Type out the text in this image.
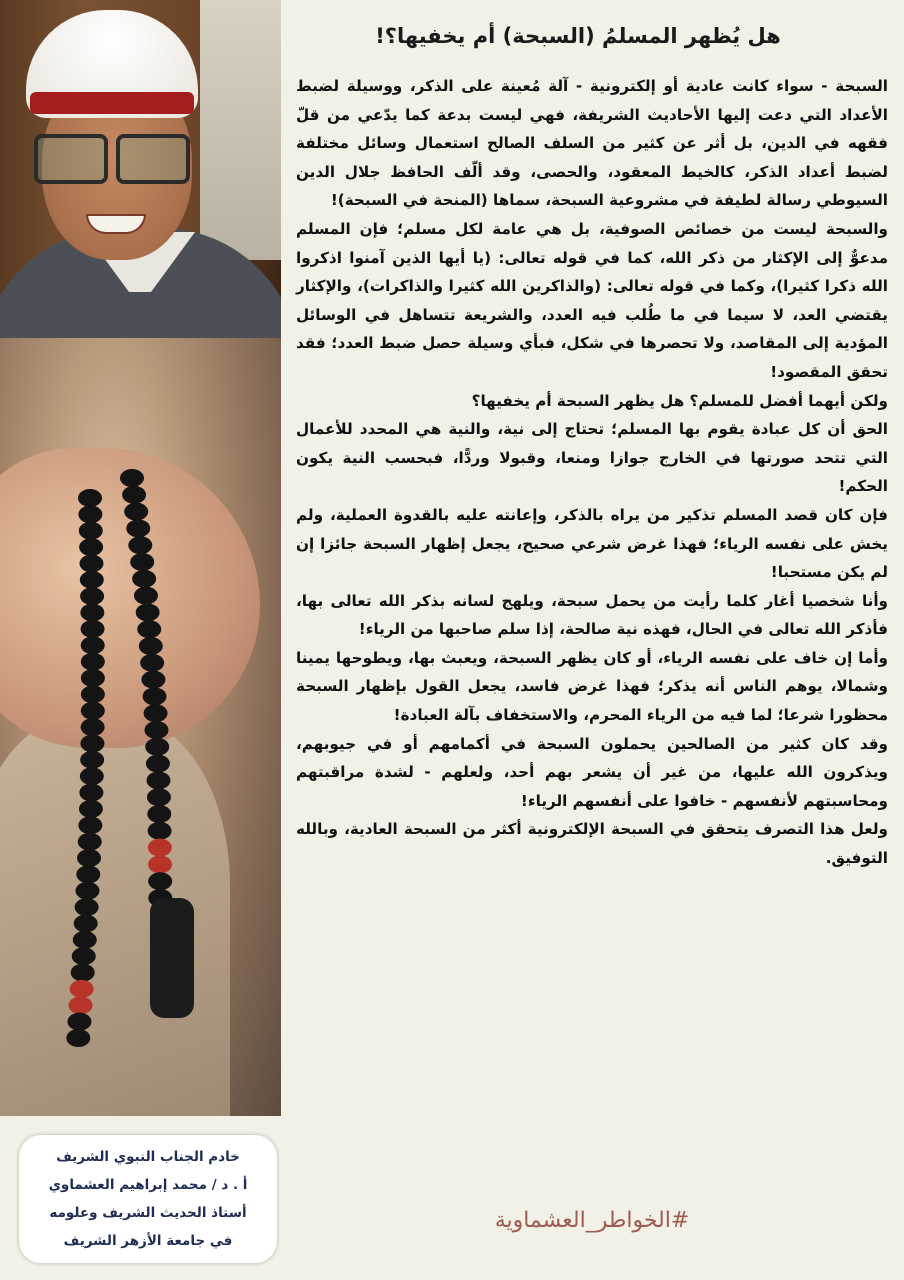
خادم الجناب النبوي الشريف
أ . د / محمد إبراهيم العشماوي
أستاذ الحديث الشريف وعلومه
في جامعة الأزهر الشريف
هل يُظهر المسلمُ (السبحة) أم يخفيها؟!

السبحة - سواء كانت عادية أو إلكترونية - آلة مُعينة على الذكر، ووسيلة لضبط الأعداد التي دعت إليها الأحاديث الشريفة، فهي ليست بدعة كما يدّعي من قلّ فقهه في الدين، بل أثر عن كثير من السلف الصالح استعمال وسائل مختلفة لضبط أعداد الذكر، كالخيط المعقود، والحصى، وقد ألّف الحافظ جلال الدين السيوطي رسالة لطيفة في مشروعية السبحة، سماها (المنحة في السبحة)!

والسبحة ليست من خصائص الصوفية، بل هي عامة لكل مسلم؛ فإن المسلم مدعوٌّ إلى الإكثار من ذكر الله، كما في قوله تعالى: (يا أيها الذين آمنوا اذكروا الله ذكرا كثيرا)، وكما في قوله تعالى: (والذاكرين الله كثيرا والذاكرات)، والإكثار يقتضي العد، لا سيما في ما طُلب فيه العدد، والشريعة تتساهل في الوسائل المؤدية إلى المقاصد، ولا تحصرها في شكل، فبأي وسيلة حصل ضبط العدد؛ فقد تحقق المقصود!

ولكن أيهما أفضل للمسلم؟ هل يظهر السبحة أم يخفيها؟

الحق أن كل عبادة يقوم بها المسلم؛ تحتاج إلى نية، والنية هي المحدد للأعمال التي تتحد صورتها في الخارج جوازا ومنعا، وقبولا وردًّا، فبحسب النية يكون الحكم!

فإن كان قصد المسلم تذكير من يراه بالذكر، وإعانته عليه بالقدوة العملية، ولم يخش على نفسه الرياء؛ فهذا غرض شرعي صحيح، يجعل إظهار السبحة جائزا إن لم يكن مستحبا!

وأنا شخصيا أغار كلما رأيت من يحمل سبحة، ويلهج لسانه بذكر الله تعالى بها، فأذكر الله تعالى في الحال، فهذه نية صالحة، إذا سلم صاحبها من الرياء!

وأما إن خاف على نفسه الرياء، أو كان يظهر السبحة، ويعبث بها، ويطوحها يمينا وشمالا، يوهم الناس أنه يذكر؛ فهذا غرض فاسد، يجعل القول بإظهار السبحة محظورا شرعا؛ لما فيه من الرياء المحرم، والاستخفاف بآلة العبادة!

وقد كان كثير من الصالحين يحملون السبحة في أكمامهم أو في جيوبهم، ويذكرون الله عليها، من غير أن يشعر بهم أحد، ولعلهم - لشدة مراقبتهم ومحاسبتهم لأنفسهم - خافوا على أنفسهم الرياء!

ولعل هذا التصرف يتحقق في السبحة الإلكترونية أكثر من السبحة العادية، وبالله التوفيق.

#الخواطر_العشماوية
